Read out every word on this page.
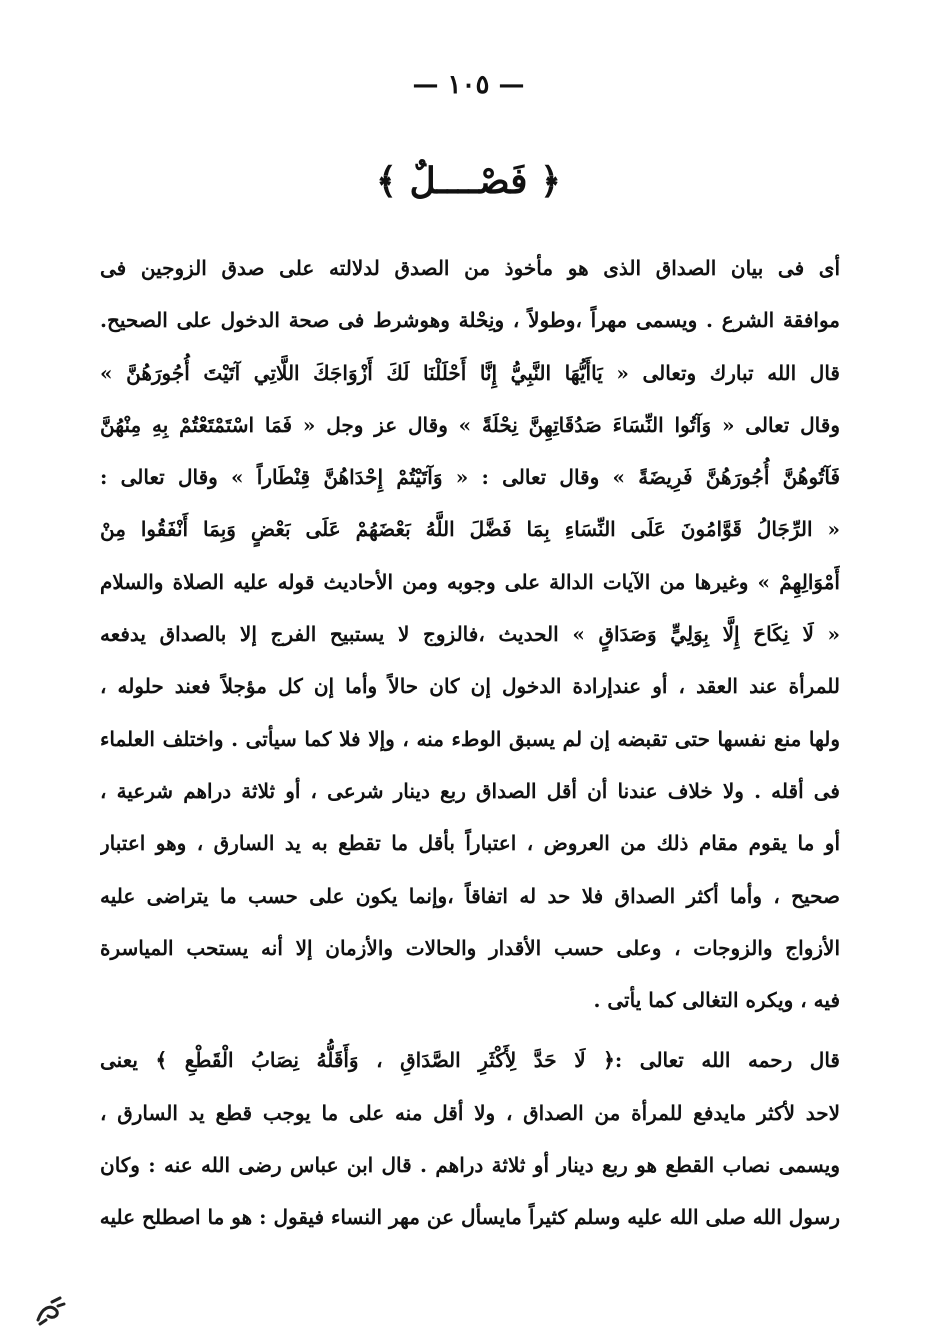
— ١٠٥ —
﴿ فَصْــــلٌ ﴾
أى فى بيان الصداق الذى هو مأخوذ من الصدق لدلالته على صدق الزوجين فى
موافقة الشرع . ويسمى مهراً ،وطولاً ، ونِحْلة وهوشرط فى صحة الدخول على الصحيح.
قال الله تبارك وتعالى « يَاأَيُّهَا النَّبِيُّ إِنَّا أَحْلَلْنَا لَكَ أَزْوَاجَكَ اللَّاتِي آتَيْتَ أُجُورَهُنَّ »
وقال تعالى « وَآتُوا النِّسَاءَ صَدُقَاتِهِنَّ نِحْلَةً » وقال عز وجل « فَمَا اسْتَمْتَعْتُمْ بِهِ مِنْهُنَّ
فَآتُوهُنَّ أُجُورَهُنَّ فَرِيضَةً » وقال تعالى : « وَآتَيْتُمْ إِحْدَاهُنَّ قِنْطَاراً » وقال تعالى :
« الرِّجَالُ قَوَّامُونَ عَلَى النِّسَاءِ بِمَا فَضَّلَ اللَّهُ بَعْضَهُمْ عَلَى بَعْضٍ وَبِمَا أَنْفَقُوا مِنْ
أَمْوَالِهِمْ » وغيرها من الآيات الدالة على وجوبه ومن الأحاديث قوله عليه الصلاة والسلام
« لَا نِكَاحَ إِلَّا بِوَلِيٍّ وَصَدَاقٍ » الحديث ،فالزوج لا يستبيح الفرج إلا بالصداق يدفعه
للمرأة عند العقد ، أو عندإرادة الدخول إن كان حالاً وأما إن كل مؤجلاً فعند حلوله ،
ولها منع نفسها حتى تقبضه إن لم يسبق الوطء منه ، وإلا فلا كما سيأتى . واختلف العلماء
فى أقله . ولا خلاف عندنا أن أقل الصداق ربع دينار شرعى ، أو ثلاثة دراهم شرعية ،
أو ما يقوم مقام ذلك من العروض ، اعتباراً بأقل ما تقطع به يد السارق ، وهو اعتبار
صحيح ، وأما أكثر الصداق فلا حد له اتفاقاً ،وإنما يكون على حسب ما يتراضى عليه
الأزواج والزوجات ، وعلى حسب الأقدار والحالات والأزمان إلا أنه يستحب المياسرة
فيه ، ويكره التغالى كما يأتى .
قال رحمه الله تعالى :﴿ لَا حَدَّ لِأَكْثَرِ الصَّدَاقِ ، وَأَقَلُّهُ نِصَابُ الْقَطْعِ ﴾ يعنى
لاحد لأكثر مايدفع للمرأة من الصداق ، ولا أقل منه على ما يوجب قطع يد السارق ،
ويسمى نصاب القطع هو ربع دينار أو ثلاثة دراهم . قال ابن عباس رضى الله عنه : وكان
رسول الله صلى الله عليه وسلم كثيراً مايسأل عن مهر النساء فيقول : هو ما اصطلح عليه
